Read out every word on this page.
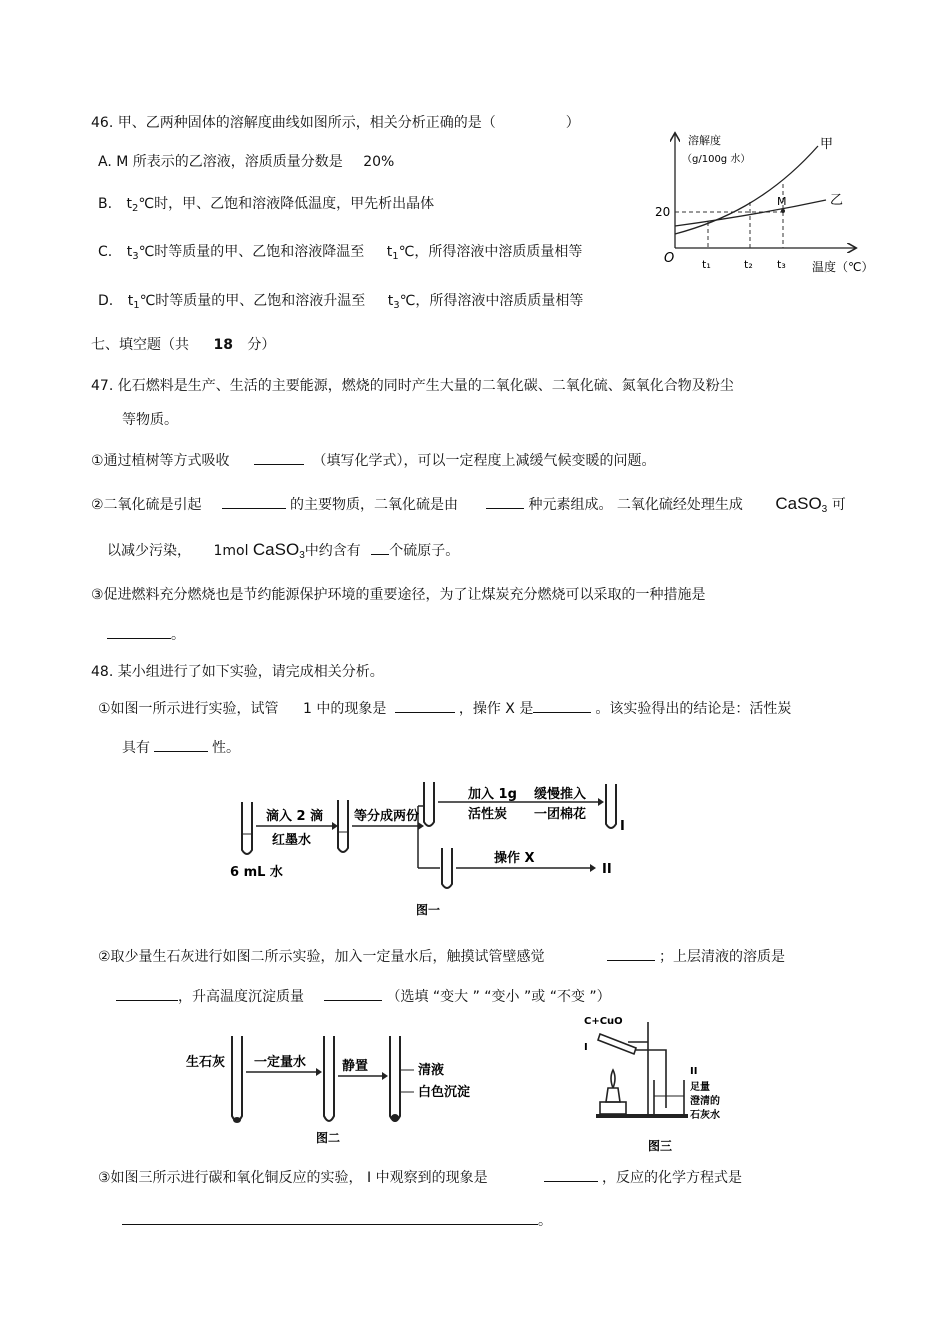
46. 甲、乙两种固体的溶解度曲线如图所示，相关分析正确的是（　　　　　）
A. M 所表示的乙溶液，溶质质量分数是 20%
B. $t_2℃$时，甲、乙饱和溶液降低温度，甲先析出晶体
C. $t_3℃$时等质量的甲、乙饱和溶液降温至 $t_1℃$，所得溶液中溶质质量相等
D. $t_1℃$时等质量的甲、乙饱和溶液升温至 $t_3℃$，所得溶液中溶质质量相等
溶解度
（g/100g 水）
O
20
M
甲
乙
t₁	t₂ t₃ 温度（℃）
七、填空题（共 18 分）
47. 化石燃料是生产、生活的主要能源，燃烧的同时产生大量的二氧化碳、二氧化硫、氮氧化合物及粉尘
等物质。
①通过植树等方式吸收	（填写化学式），可以一定程度上减缓气候变暖的问题。
②二氧化硫是引起	的主要物质，二氧化硫是由	种元素组成。 二氧化硫经处理生成 CaSO$_3$ 可
以减少污染， 1mol CaSO$_3$中约含有 个硫原子。
③促进燃料充分燃烧也是节约能源保护环境的重要途径，为了让煤炭充分燃烧可以采取的一种措施是
。
48. 某小组进行了如下实验，请完成相关分析。
①如图一所示进行实验，试管 1 中的现象是	，操作 X 是	。该实验得出的结论是：活性炭
具有	性。
6 mL 水
滴入 2 滴
红墨水
等分成两份
加入 1g
活性炭
缓慢推入
一团棉花
I
操作 X
II
图一
②取少量生石灰进行如图二所示实验，加入一定量水后，触摸试管壁感觉	；上层清液的溶质是
，升高温度沉淀质量	（选填 “变大 ” “变小 ”或 “不变 ”）
生石灰 一定量水	静置	清液
白色沉淀
图二
C+CuO
I
II
足量
澄清的
石灰水
图三
③如图三所示进行碳和氧化铜反应的实验， I 中观察到的现象是	，反应的化学方程式是
。
